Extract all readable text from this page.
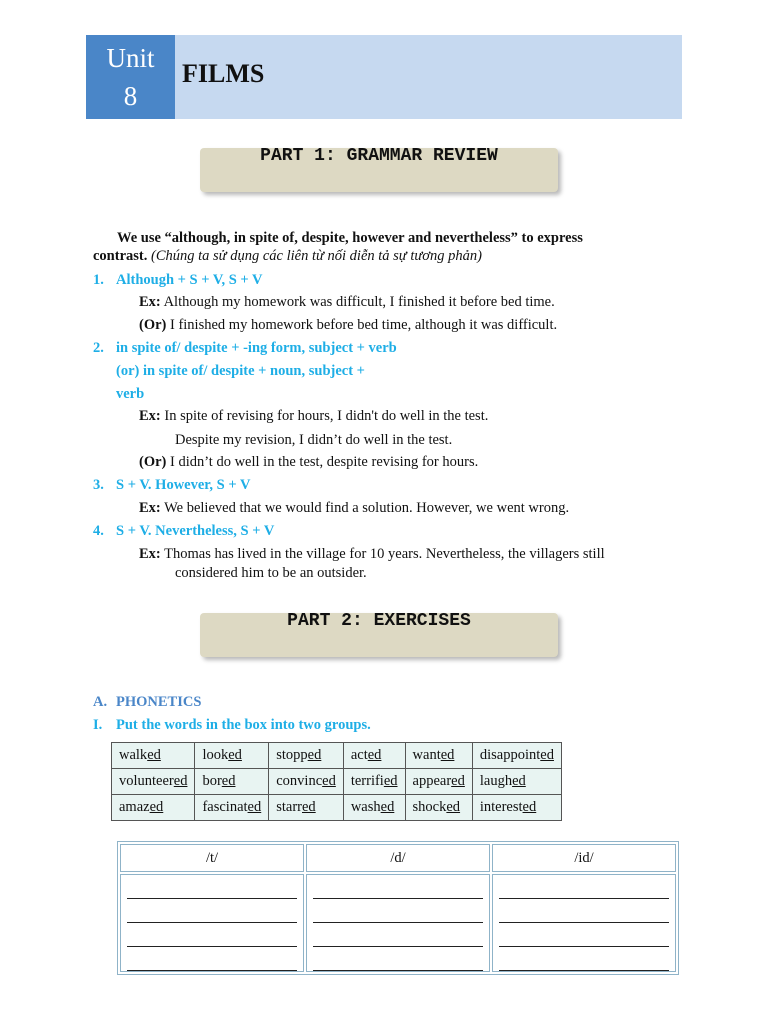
Unit
8
FILMS
PART 1: GRAMMAR REVIEW
We use “although, in spite of, despite, however and nevertheless” to express
contrast. (Chúng ta sử dụng các liên từ nối diễn tả sự tương phản)
1. Although + S + V, S + V
Ex: Although my homework was difficult, I finished it before bed time.
(Or) I finished my homework before bed time, although it was difficult.
2. in spite of/ despite + -ing form, subject + verb
(or) in spite of/ despite + noun, subject +
verb
Ex: In spite of revising for hours, I didn't do well in the test.
Despite my revision, I didn’t do well in the test.
(Or) I didn’t do well in the test, despite revising for hours.
3. S + V. However, S + V
Ex: We believed that we would find a solution. However, we went wrong.
4. S + V. Nevertheless, S + V
Ex: Thomas has lived in the village for 10 years. Nevertheless, the villagers still
considered him to be an outsider.
PART 2: EXERCISES
A. PHONETICS
I. Put the words in the box into two groups.
walked	looked	stopped	acted	wanted	disappointed
volunteered	bored	convinced	terrified	appeared	laughed
amazed	fascinated	starred	washed	shocked	interested
/t/	/d/	/id/
